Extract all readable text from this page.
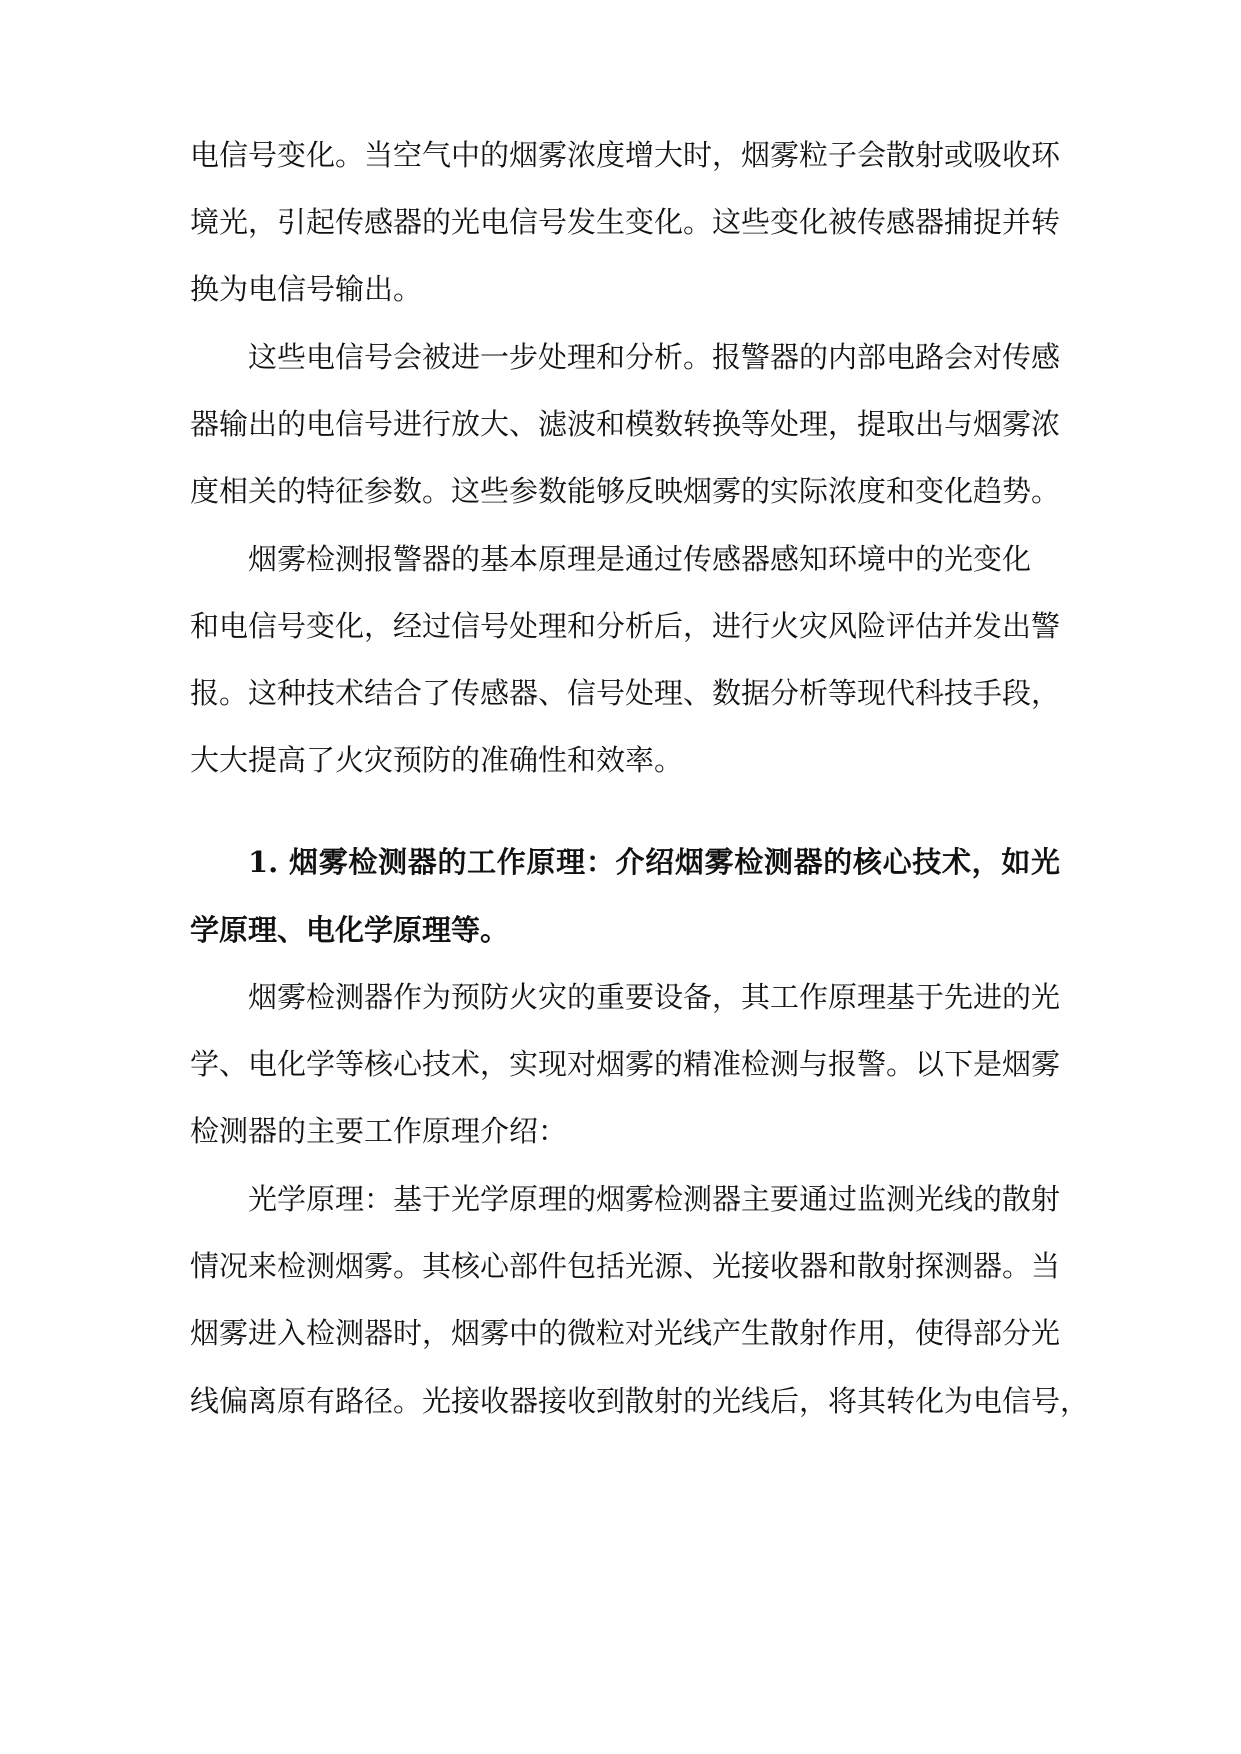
电信号变化。当空气中的烟雾浓度增大时，烟雾粒子会散射或吸收环
境光，引起传感器的光电信号发生变化。这些变化被传感器捕捉并转
换为电信号输出。
这些电信号会被进一步处理和分析。报警器的内部电路会对传感
器输出的电信号进行放大、滤波和模数转换等处理，提取出与烟雾浓
度相关的特征参数。这些参数能够反映烟雾的实际浓度和变化趋势。
烟雾检测报警器的基本原理是通过传感器感知环境中的光变化
和电信号变化，经过信号处理和分析后，进行火灾风险评估并发出警
报。这种技术结合了传感器、信号处理、数据分析等现代科技手段，
大大提高了火灾预防的准确性和效率。
1. 烟雾检测器的工作原理：介绍烟雾检测器的核心技术，如光
学原理、电化学原理等。
烟雾检测器作为预防火灾的重要设备，其工作原理基于先进的光
学、电化学等核心技术，实现对烟雾的精准检测与报警。以下是烟雾
检测器的主要工作原理介绍：
光学原理：基于光学原理的烟雾检测器主要通过监测光线的散射
情况来检测烟雾。其核心部件包括光源、光接收器和散射探测器。当
烟雾进入检测器时，烟雾中的微粒对光线产生散射作用，使得部分光
线偏离原有路径。光接收器接收到散射的光线后，将其转化为电信号，
